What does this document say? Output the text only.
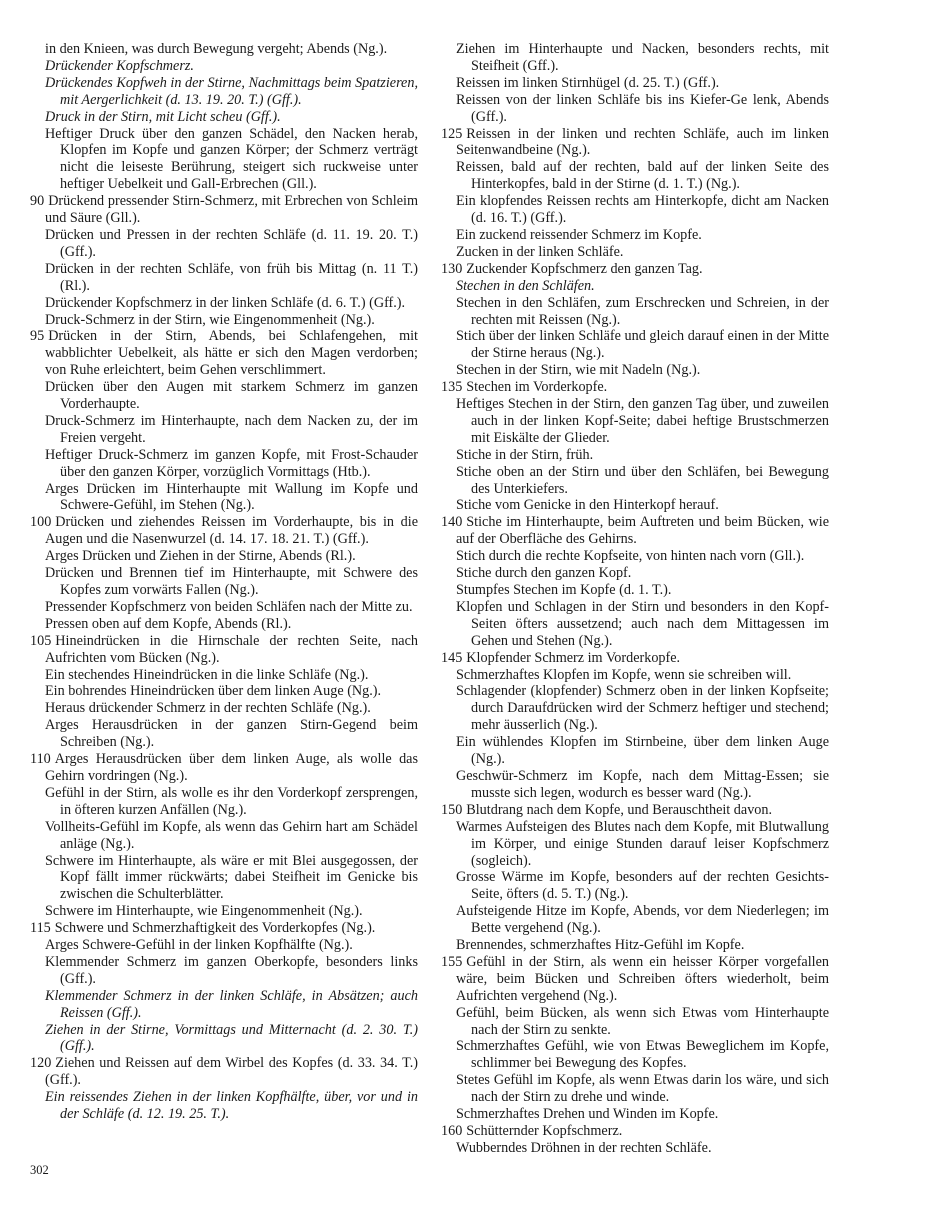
in den Knieen, was durch Bewegung vergeht; Abends (Ng.).
Drückender Kopfschmerz.
Drückendes Kopfweh in der Stirne, Nachmittags beim Spatzieren, mit Aergerlichkeit (d. 13. 19. 20. T.) (Gff.).
Druck in der Stirn, mit Licht scheu (Gff.).
Heftiger Druck über den ganzen Schädel, den Nacken herab, Klopfen im Kopfe und ganzen Körper; der Schmerz verträgt nicht die leiseste Berührung, steigert sich ruckweise unter heftiger Uebelkeit und Gall-Erbrechen (Gll.).
90 Drückend pressender Stirn-Schmerz, mit Erbrechen von Schleim und Säure (Gll.).
Drücken und Pressen in der rechten Schläfe (d. 11. 19. 20. T.) (Gff.).
Drücken in der rechten Schläfe, von früh bis Mittag (n. 11 T.) (Rl.).
Drückender Kopfschmerz in der linken Schläfe (d. 6. T.) (Gff.).
Druck-Schmerz in der Stirn, wie Eingenommenheit (Ng.).
95 Drücken in der Stirn, Abends, bei Schlafengehen, mit wabblichter Uebelkeit, als hätte er sich den Magen verdorben; von Ruhe erleichtert, beim Gehen verschlimmert.
Drücken über den Augen mit starkem Schmerz im ganzen Vorderhaupte.
Druck-Schmerz im Hinterhaupte, nach dem Nacken zu, der im Freien vergeht.
Heftiger Druck-Schmerz im ganzen Kopfe, mit Frost-Schauder über den ganzen Körper, vorzüglich Vormittags (Htb.).
Arges Drücken im Hinterhaupte mit Wallung im Kopfe und Schwere-Gefühl, im Stehen (Ng.).
100 Drücken und ziehendes Reissen im Vorderhaupte, bis in die Augen und die Nasenwurzel (d. 14. 17. 18. 21. T.) (Gff.).
Arges Drücken und Ziehen in der Stirne, Abends (Rl.).
Drücken und Brennen tief im Hinterhaupte, mit Schwere des Kopfes zum vorwärts Fallen (Ng.).
Pressender Kopfschmerz von beiden Schläfen nach der Mitte zu.
Pressen oben auf dem Kopfe, Abends (Rl.).
105 Hineindrücken in die Hirnschale der rechten Seite, nach Aufrichten vom Bücken (Ng.).
Ein stechendes Hineindrücken in die linke Schläfe (Ng.).
Ein bohrendes Hineindrücken über dem linken Auge (Ng.).
Heraus drückender Schmerz in der rechten Schläfe (Ng.).
Arges Herausdrücken in der ganzen Stirn-Gegend beim Schreiben (Ng.).
110 Arges Herausdrücken über dem linken Auge, als wolle das Gehirn vordringen (Ng.).
Gefühl in der Stirn, als wolle es ihr den Vorderkopf zersprengen, in öfteren kurzen Anfällen (Ng.).
Vollheits-Gefühl im Kopfe, als wenn das Gehirn hart am Schädel anläge (Ng.).
Schwere im Hinterhaupte, als wäre er mit Blei ausgegossen, der Kopf fällt immer rückwärts; dabei Steifheit im Genicke bis zwischen die Schulterblätter.
Schwere im Hinterhaupte, wie Eingenommenheit (Ng.).
115 Schwere und Schmerzhaftigkeit des Vorderkopfes (Ng.).
Arges Schwere-Gefühl in der linken Kopfhälfte (Ng.).
Klemmender Schmerz im ganzen Oberkopfe, besonders links (Gff.).
Klemmender Schmerz in der linken Schläfe, in Absätzen; auch Reissen (Gff.).
Ziehen in der Stirne, Vormittags und Mitternacht (d. 2. 30. T.) (Gff.).
120 Ziehen und Reissen auf dem Wirbel des Kopfes (d. 33. 34. T.) (Gff.).
Ein reissendes Ziehen in der linken Kopfhälfte, über, vor und in der Schläfe (d. 12. 19. 25. T.).
Ziehen im Hinterhaupte und Nacken, besonders rechts, mit Steifheit (Gff.).
Reissen im linken Stirnhügel (d. 25. T.) (Gff.).
Reissen von der linken Schläfe bis ins Kiefer-Ge lenk, Abends (Gff.).
125 Reissen in der linken und rechten Schläfe, auch im linken Seitenwandbeine (Ng.).
Reissen, bald auf der rechten, bald auf der linken Seite des Hinterkopfes, bald in der Stirne (d. 1. T.) (Ng.).
Ein klopfendes Reissen rechts am Hinterkopfe, dicht am Nacken (d. 16. T.) (Gff.).
Ein zuckend reissender Schmerz im Kopfe.
Zucken in der linken Schläfe.
130 Zuckender Kopfschmerz den ganzen Tag.
Stechen in den Schläfen.
Stechen in den Schläfen, zum Erschrecken und Schreien, in der rechten mit Reissen (Ng.).
Stich über der linken Schläfe und gleich darauf einen in der Mitte der Stirne heraus (Ng.).
Stechen in der Stirn, wie mit Nadeln (Ng.).
135 Stechen im Vorderkopfe.
Heftiges Stechen in der Stirn, den ganzen Tag über, und zuweilen auch in der linken Kopf-Seite; dabei heftige Brustschmerzen mit Eiskälte der Glieder.
Stiche in der Stirn, früh.
Stiche oben an der Stirn und über den Schläfen, bei Bewegung des Unterkiefers.
Stiche vom Genicke in den Hinterkopf herauf.
140 Stiche im Hinterhaupte, beim Auftreten und beim Bücken, wie auf der Oberfläche des Gehirns.
Stich durch die rechte Kopfseite, von hinten nach vorn (Gll.).
Stiche durch den ganzen Kopf.
Stumpfes Stechen im Kopfe (d. 1. T.).
Klopfen und Schlagen in der Stirn und besonders in den Kopf-Seiten öfters aussetzend; auch nach dem Mittagessen im Gehen und Stehen (Ng.).
145 Klopfender Schmerz im Vorderkopfe.
Schmerzhaftes Klopfen im Kopfe, wenn sie schreiben will.
Schlagender (klopfender) Schmerz oben in der linken Kopfseite; durch Daraufdrücken wird der Schmerz heftiger und stechend; mehr äusserlich (Ng.).
Ein wühlendes Klopfen im Stirnbeine, über dem linken Auge (Ng.).
Geschwür-Schmerz im Kopfe, nach dem Mittag-Essen; sie musste sich legen, wodurch es besser ward (Ng.).
150 Blutdrang nach dem Kopfe, und Berauschtheit davon.
Warmes Aufsteigen des Blutes nach dem Kopfe, mit Blutwallung im Körper, und einige Stunden darauf leiser Kopfschmerz (sogleich).
Grosse Wärme im Kopfe, besonders auf der rechten Gesichts-Seite, öfters (d. 5. T.) (Ng.).
Aufsteigende Hitze im Kopfe, Abends, vor dem Niederlegen; im Bette vergehend (Ng.).
Brennendes, schmerzhaftes Hitz-Gefühl im Kopfe.
155 Gefühl in der Stirn, als wenn ein heisser Körper vorgefallen wäre, beim Bücken und Schreiben öfters wiederholt, beim Aufrichten vergehend (Ng.).
Gefühl, beim Bücken, als wenn sich Etwas vom Hinterhaupte nach der Stirn zu senkte.
Schmerzhaftes Gefühl, wie von Etwas Beweglichem im Kopfe, schlimmer bei Bewegung des Kopfes.
Stetes Gefühl im Kopfe, als wenn Etwas darin los wäre, und sich nach der Stirn zu drehe und winde.
Schmerzhaftes Drehen und Winden im Kopfe.
160 Schütternder Kopfschmerz.
Wubberndes Dröhnen in der rechten Schläfe.
302
